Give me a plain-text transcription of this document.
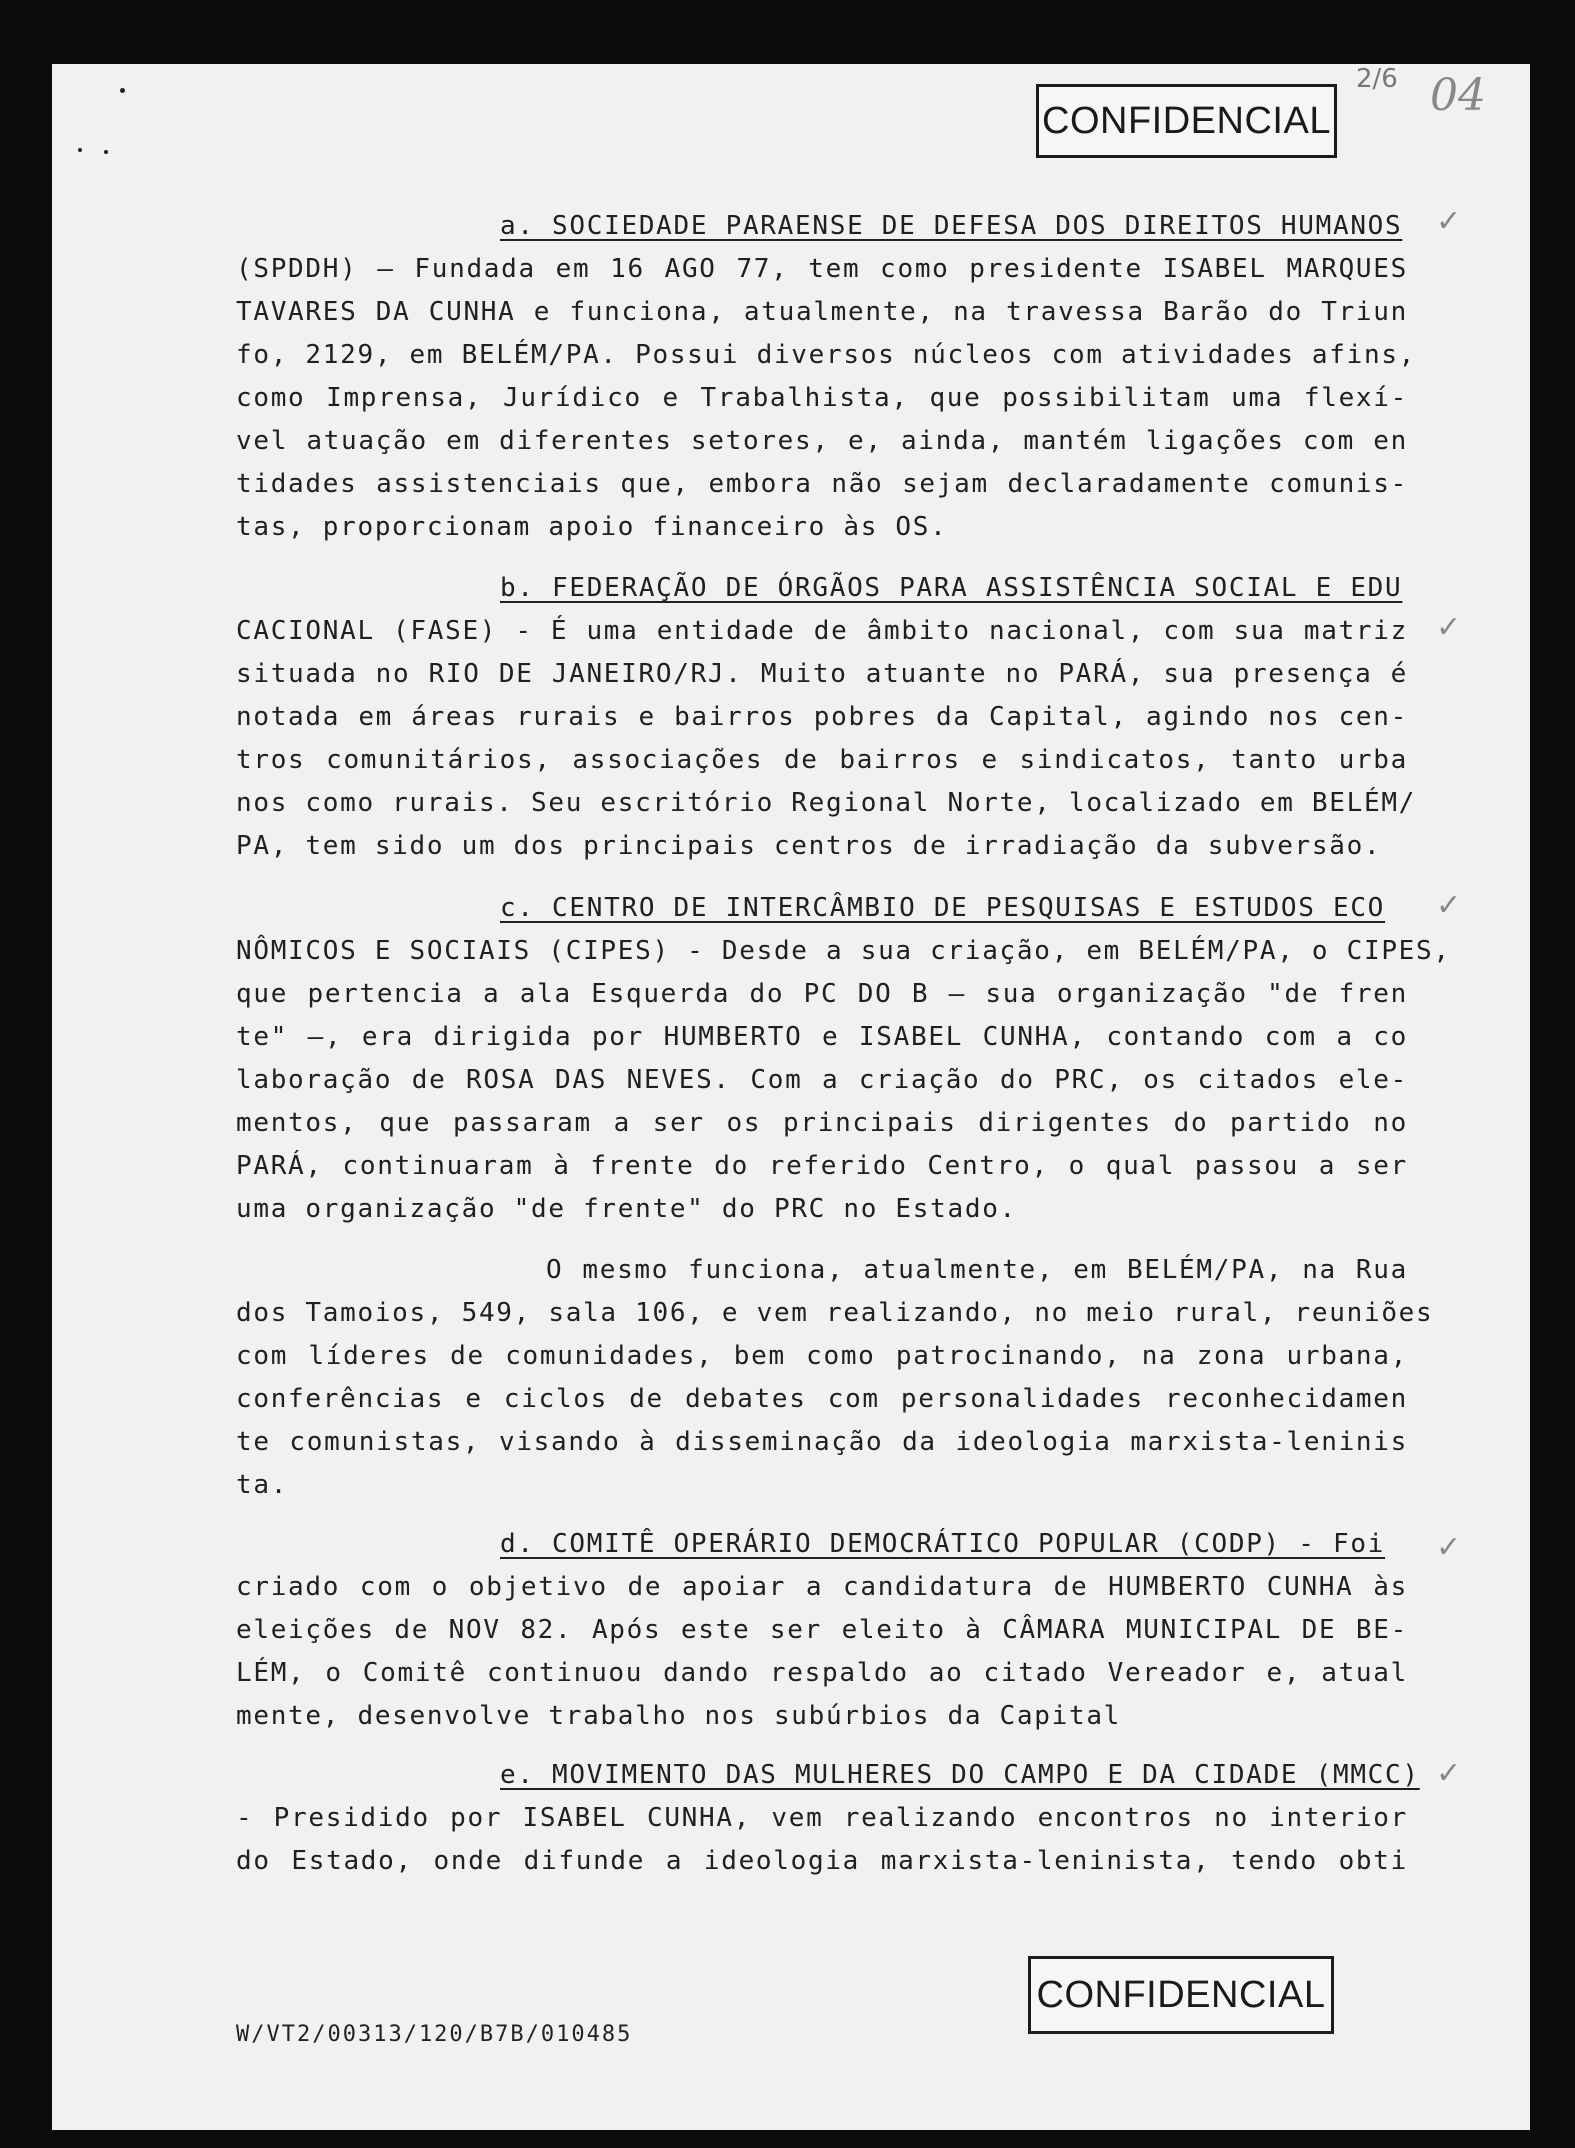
CONFIDENCIAL
2/6 04

a. SOCIEDADE PARAENSE DE DEFESA DOS DIREITOS HUMANOS

(SPDDH) — Fundada em 16 AGO 77, tem como presidente ISABEL MARQUES

TAVARES DA CUNHA e funciona, atualmente, na travessa Barão do Triun

fo, 2129, em BELÉM/PA. Possui diversos núcleos com atividades afins,

como Imprensa, Jurídico e Trabalhista, que possibilitam uma flexí-

vel atuação em diferentes setores, e, ainda, mantém ligações com en

tidades assistenciais que, embora não sejam declaradamente comunis-

tas, proporcionam apoio financeiro às OS.

b. FEDERAÇÃO DE ÓRGÃOS PARA ASSISTÊNCIA SOCIAL E EDU

CACIONAL (FASE) - É uma entidade de âmbito nacional, com sua matriz

situada no RIO DE JANEIRO/RJ. Muito atuante no PARÁ, sua presença é

notada em áreas rurais e bairros pobres da Capital, agindo nos cen-

tros comunitários, associações de bairros e sindicatos, tanto urba

nos como rurais. Seu escritório Regional Norte, localizado em BELÉM/

PA, tem sido um dos principais centros de irradiação da subversão.

c. CENTRO DE INTERCÂMBIO DE PESQUISAS E ESTUDOS ECO

NÔMICOS E SOCIAIS (CIPES) - Desde a sua criação, em BELÉM/PA, o CIPES,

que pertencia a ala Esquerda do PC DO B — sua organização "de fren

te" —, era dirigida por HUMBERTO e ISABEL CUNHA, contando com a co

laboração de ROSA DAS NEVES. Com a criação do PRC, os citados ele-

mentos, que passaram a ser os principais dirigentes do partido no

PARÁ, continuaram à frente do referido Centro, o qual passou a ser

uma organização "de frente" do PRC no Estado.

O mesmo funciona, atualmente, em BELÉM/PA, na Rua

dos Tamoios, 549, sala 106, e vem realizando, no meio rural, reuniões

com líderes de comunidades, bem como patrocinando, na zona urbana,

conferências e ciclos de debates com personalidades reconhecidamen

te comunistas, visando à disseminação da ideologia marxista-leninis

ta.

d. COMITÊ OPERÁRIO DEMOCRÁTICO POPULAR (CODP) - Foi

criado com o objetivo de apoiar a candidatura de HUMBERTO CUNHA às

eleições de NOV 82. Após este ser eleito à CÂMARA MUNICIPAL DE BE-

LÉM, o Comitê continuou dando respaldo ao citado Vereador e, atual

mente, desenvolve trabalho nos subúrbios da Capital

e. MOVIMENTO DAS MULHERES DO CAMPO E DA CIDADE (MMCC)

- Presidido por ISABEL CUNHA, vem realizando encontros no interior

do Estado, onde difunde a ideologia marxista-leninista, tendo obti

✓
✓
✓
✓
✓
W/VT2/00313/120/B7B/010485
CONFIDENCIAL
